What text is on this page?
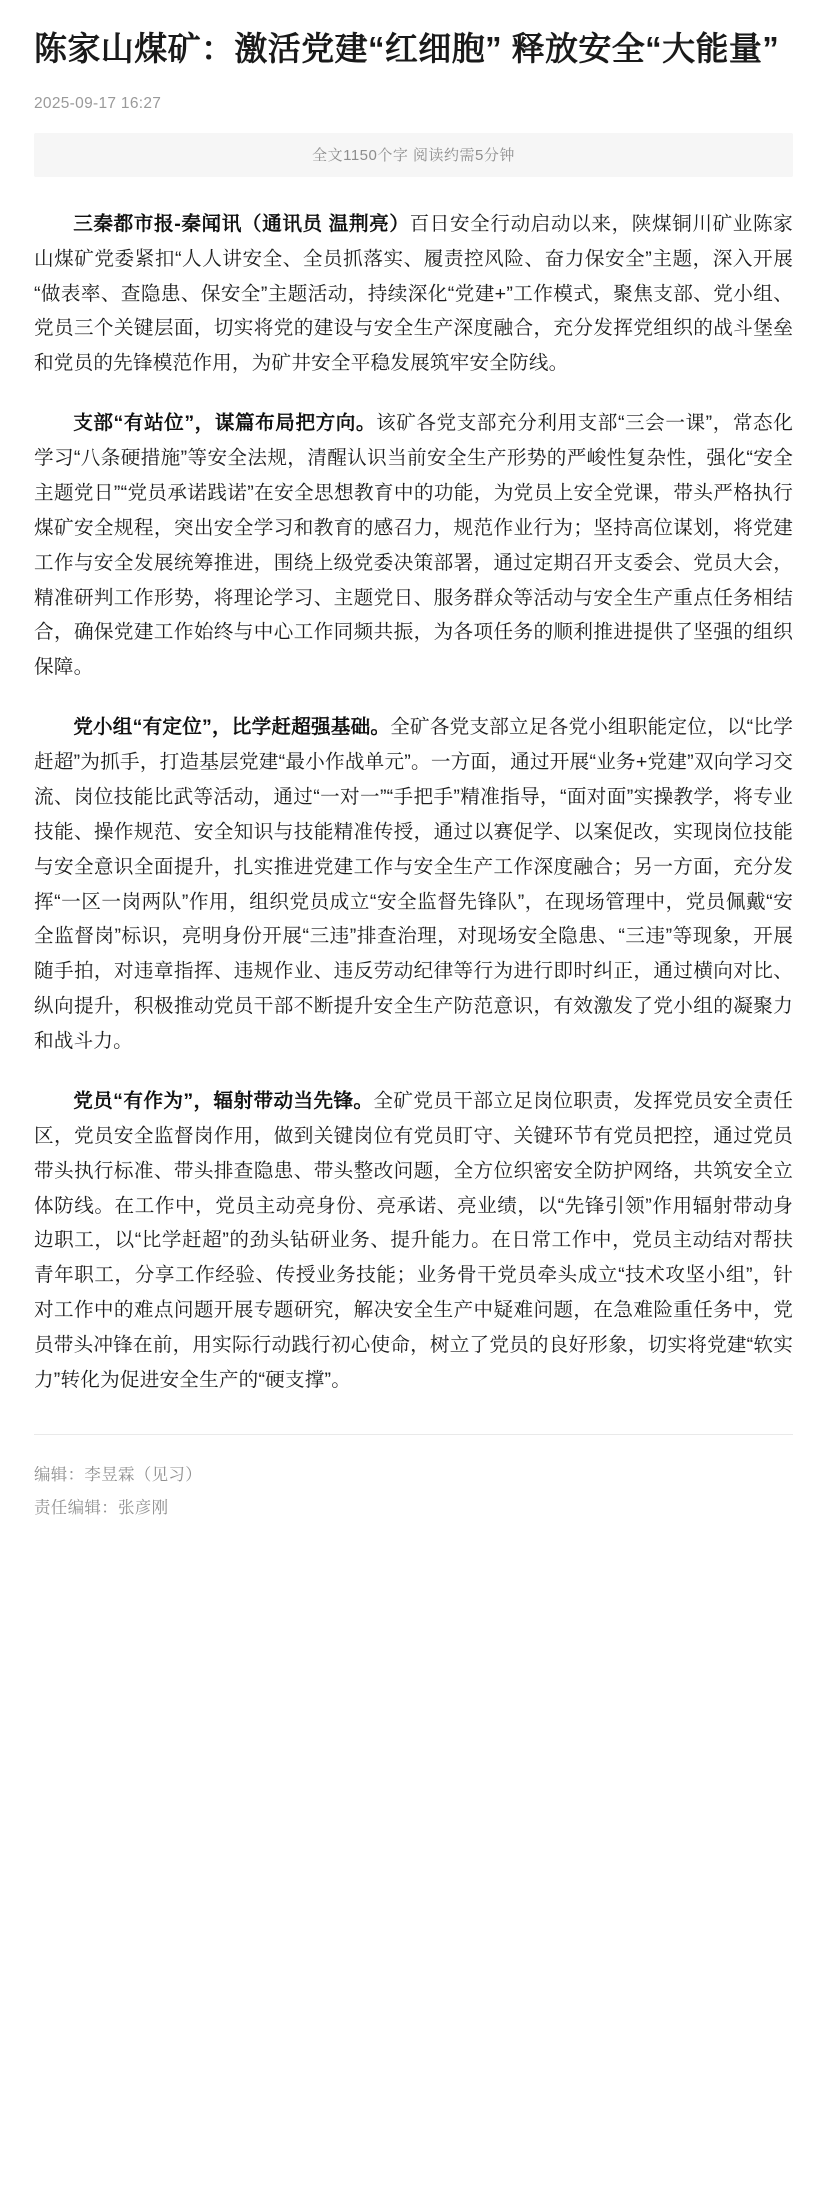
陈家山煤矿：激活党建“红细胞” 释放安全“大能量”
2025-09-17 16:27
全文1150个字 阅读约需5分钟

三秦都市报-秦闻讯（通讯员 温荆亮）百日安全行动启动以来，陕煤铜川矿业陈家山煤矿党委紧扣“人人讲安全、全员抓落实、履责控风险、奋力保安全”主题，深入开展“做表率、查隐患、保安全”主题活动，持续深化“党建+”工作模式，聚焦支部、党小组、党员三个关键层面，切实将党的建设与安全生产深度融合，充分发挥党组织的战斗堡垒和党员的先锋模范作用，为矿井安全平稳发展筑牢安全防线。

支部“有站位”，谋篇布局把方向。该矿各党支部充分利用支部“三会一课”，常态化学习“八条硬措施”等安全法规，清醒认识当前安全生产形势的严峻性复杂性，强化“安全主题党日”“党员承诺践诺”在安全思想教育中的功能，为党员上安全党课，带头严格执行煤矿安全规程，突出安全学习和教育的感召力，规范作业行为；坚持高位谋划，将党建工作与安全发展统筹推进，围绕上级党委决策部署，通过定期召开支委会、党员大会，精准研判工作形势，将理论学习、主题党日、服务群众等活动与安全生产重点任务相结合，确保党建工作始终与中心工作同频共振，为各项任务的顺利推进提供了坚强的组织保障。

党小组“有定位”，比学赶超强基础。全矿各党支部立足各党小组职能定位，以“比学赶超”为抓手，打造基层党建“最小作战单元”。一方面，通过开展“业务+党建”双向学习交流、岗位技能比武等活动，通过“一对一”“手把手”精准指导，“面对面”实操教学，将专业技能、操作规范、安全知识与技能精准传授，通过以赛促学、以案促改，实现岗位技能与安全意识全面提升，扎实推进党建工作与安全生产工作深度融合；另一方面，充分发挥“一区一岗两队”作用，组织党员成立“安全监督先锋队”，在现场管理中，党员佩戴“安全监督岗”标识，亮明身份开展“三违”排查治理，对现场安全隐患、“三违”等现象，开展随手拍，对违章指挥、违规作业、违反劳动纪律等行为进行即时纠正，通过横向对比、纵向提升，积极推动党员干部不断提升安全生产防范意识，有效激发了党小组的凝聚力和战斗力。

党员“有作为”，辐射带动当先锋。全矿党员干部立足岗位职责，发挥党员安全责任区，党员安全监督岗作用，做到关键岗位有党员盯守、关键环节有党员把控，通过党员带头执行标准、带头排查隐患、带头整改问题，全方位织密安全防护网络，共筑安全立体防线。在工作中，党员主动亮身份、亮承诺、亮业绩，以“先锋引领”作用辐射带动身边职工，以“比学赶超”的劲头钻研业务、提升能力。在日常工作中，党员主动结对帮扶青年职工，分享工作经验、传授业务技能；业务骨干党员牵头成立“技术攻坚小组”，针对工作中的难点问题开展专题研究，解决安全生产中疑难问题，在急难险重任务中，党员带头冲锋在前，用实际行动践行初心使命，树立了党员的良好形象，切实将党建“软实力”转化为促进安全生产的“硬支撑”。

编辑：李昱霖（见习）
责任编辑：张彦刚
